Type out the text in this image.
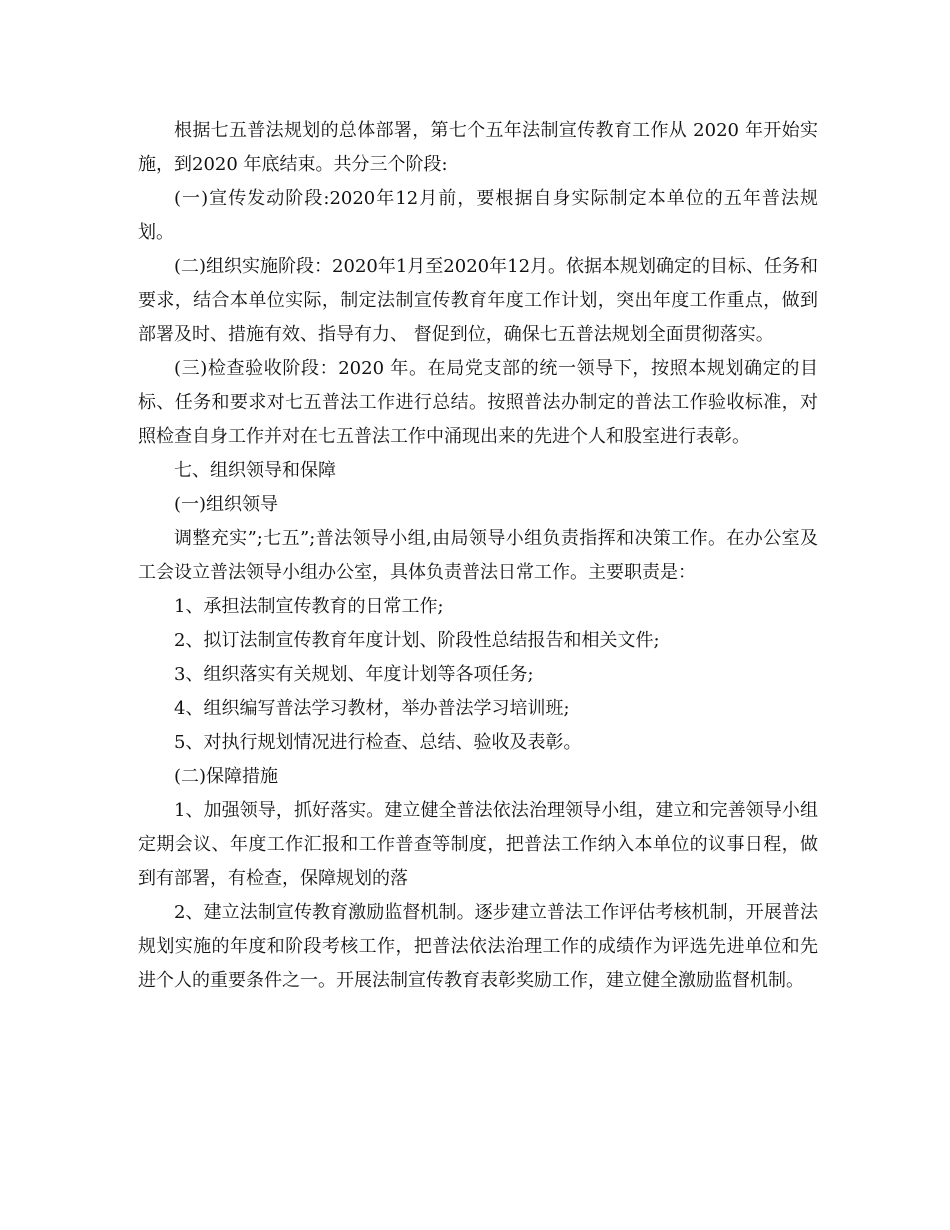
根据七五普法规划的总体部署，第七个五年法制宣传教育工作从 2020 年开始实施，到2020 年底结束。共分三个阶段:

(一)宣传发动阶段:2020年12月前，要根据自身实际制定本单位的五年普法规划。

(二)组织实施阶段：2020年1月至2020年12月。依据本规划确定的目标、任务和要求，结合本单位实际，制定法制宣传教育年度工作计划，突出年度工作重点，做到部署及时、措施有效、指导有力、 督促到位，确保七五普法规划全面贯彻落实。

(三)检查验收阶段：2020 年。在局党支部的统一领导下，按照本规划确定的目标、任务和要求对七五普法工作进行总结。按照普法办制定的普法工作验收标准，对照检查自身工作并对在七五普法工作中涌现出来的先进个人和股室进行表彰。

七、组织领导和保障

(一)组织领导

调整充实”;七五”;普法领导小组,由局领导小组负责指挥和决策工作。在办公室及工会设立普法领导小组办公室，具体负责普法日常工作。主要职责是：

1、承担法制宣传教育的日常工作;

2、拟订法制宣传教育年度计划、阶段性总结报告和相关文件;

3、组织落实有关规划、年度计划等各项任务;

4、组织编写普法学习教材，举办普法学习培训班;

5、对执行规划情况进行检查、总结、验收及表彰。

(二)保障措施

1、加强领导，抓好落实。建立健全普法依法治理领导小组，建立和完善领导小组定期会议、年度工作汇报和工作普查等制度，把普法工作纳入本单位的议事日程，做到有部署，有检查，保障规划的落

2、建立法制宣传教育激励监督机制。逐步建立普法工作评估考核机制，开展普法规划实施的年度和阶段考核工作，把普法依法治理工作的成绩作为评选先进单位和先进个人的重要条件之一。开展法制宣传教育表彰奖励工作，建立健全激励监督机制。
